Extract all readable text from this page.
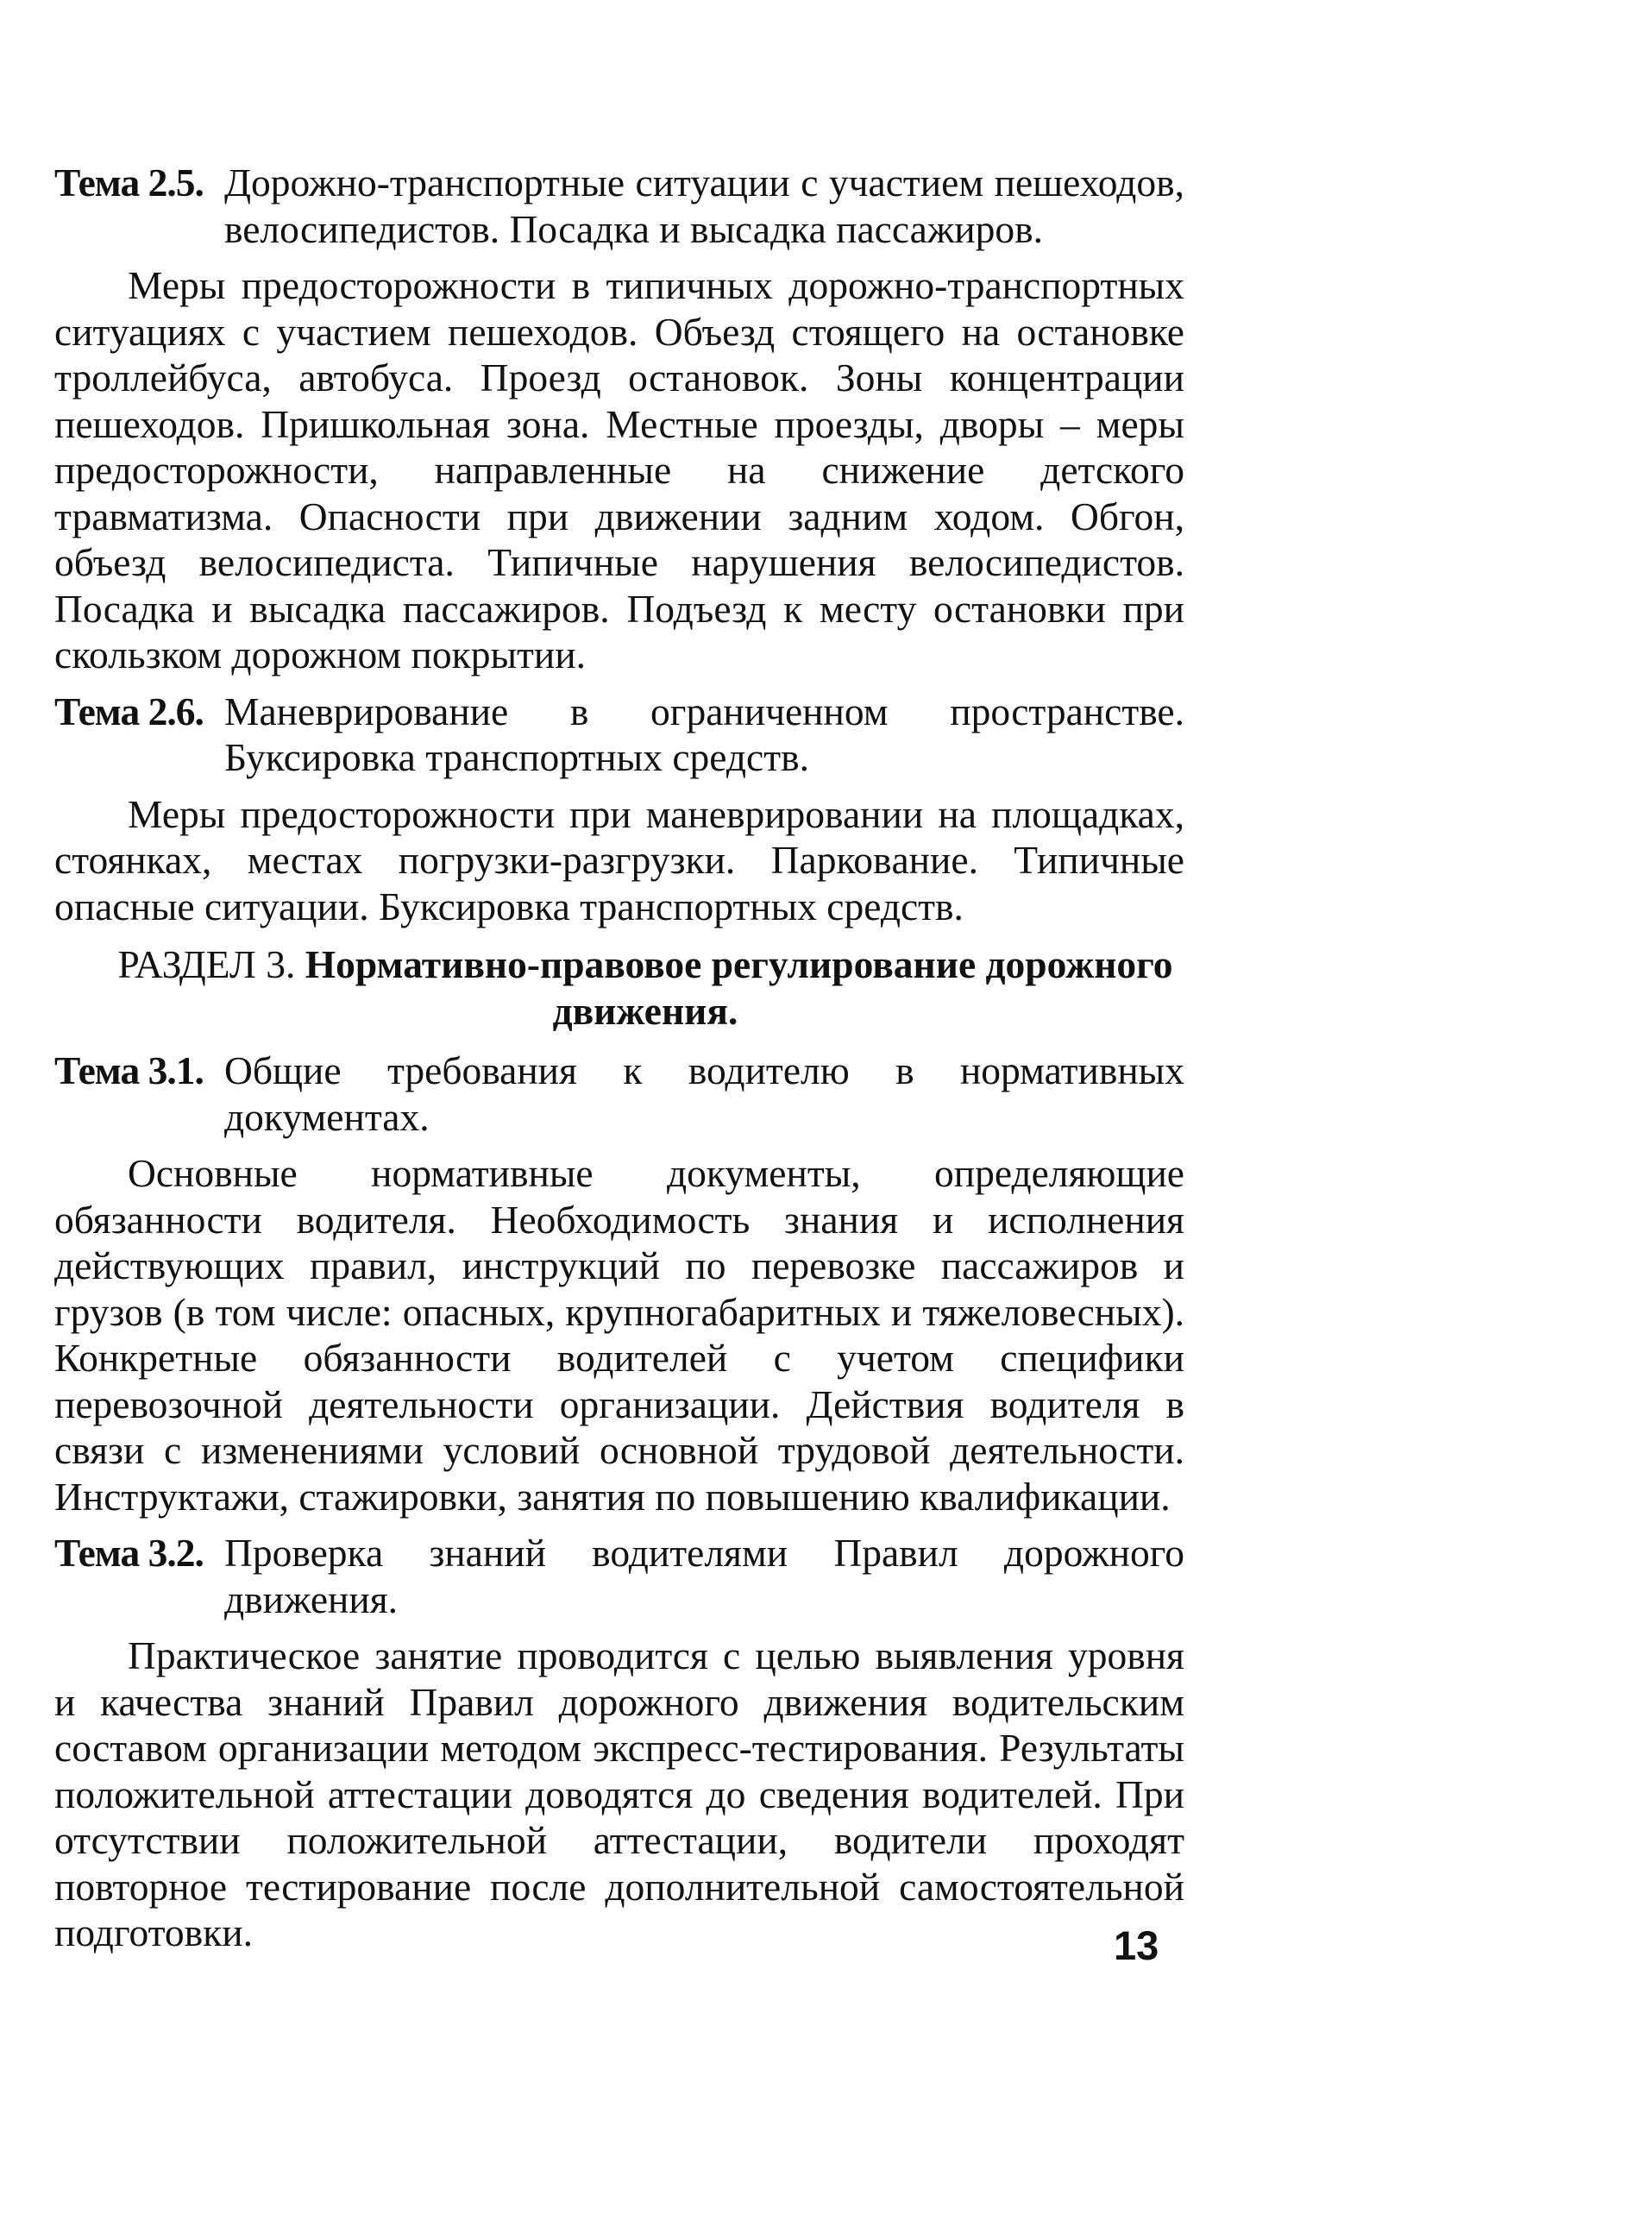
Тема 2.5. Дорожно-транспортные ситуации с участием пешеходов, велосипедистов. Посадка и высадка пассажиров.

Меры предосторожности в типичных дорожно-транспортных ситуациях с участием пешеходов. Объезд стоящего на остановке троллейбуса, автобуса. Проезд остановок. Зоны концентрации пешеходов. Пришкольная зона. Местные проезды, дворы – меры предосторожности, направленные на снижение детского травматизма. Опасности при движении задним ходом. Обгон, объезд велосипедиста. Типичные нарушения велосипедистов. Посадка и высадка пассажиров. Подъезд к месту остановки при скользком дорожном покрытии.

Тема 2.6. Маневрирование в ограниченном пространстве. Буксировка транспортных средств.

Меры предосторожности при маневрировании на площадках, стоянках, местах погрузки-разгрузки. Парковaние. Типичные опасные ситуации. Буксировка транспортных средств.

РАЗДЕЛ 3. Нормативно-правовое регулирование дорожного движения.
Тема 3.1. Общие требования к водителю в нормативных документах.

Основные нормативные документы, определяющие обязанности водителя. Необходимость знания и исполнения действующих правил, инструкций по перевозке пассажиров и грузов (в том числе: опасных, крупногабаритных и тяжеловесных). Конкретные обязанности водителей с учетом специфики перевозочной деятельности организации. Действия водителя в связи с изменениями условий основной трудовой деятельности. Инструктажи, стажировки, занятия по повышению квалификации.

Тема 3.2. Проверка знаний водителями Правил дорожного движения.

Практическое занятие проводится с целью выявления уровня и качества знаний Правил дорожного движения водительским составом организации методом экспресс-тестирования. Результаты положительной аттестации доводятся до сведения водителей. При отсутствии положительной аттестации, водители проходят повторное тестирование после дополнительной самостоятельной подготовки.	13
